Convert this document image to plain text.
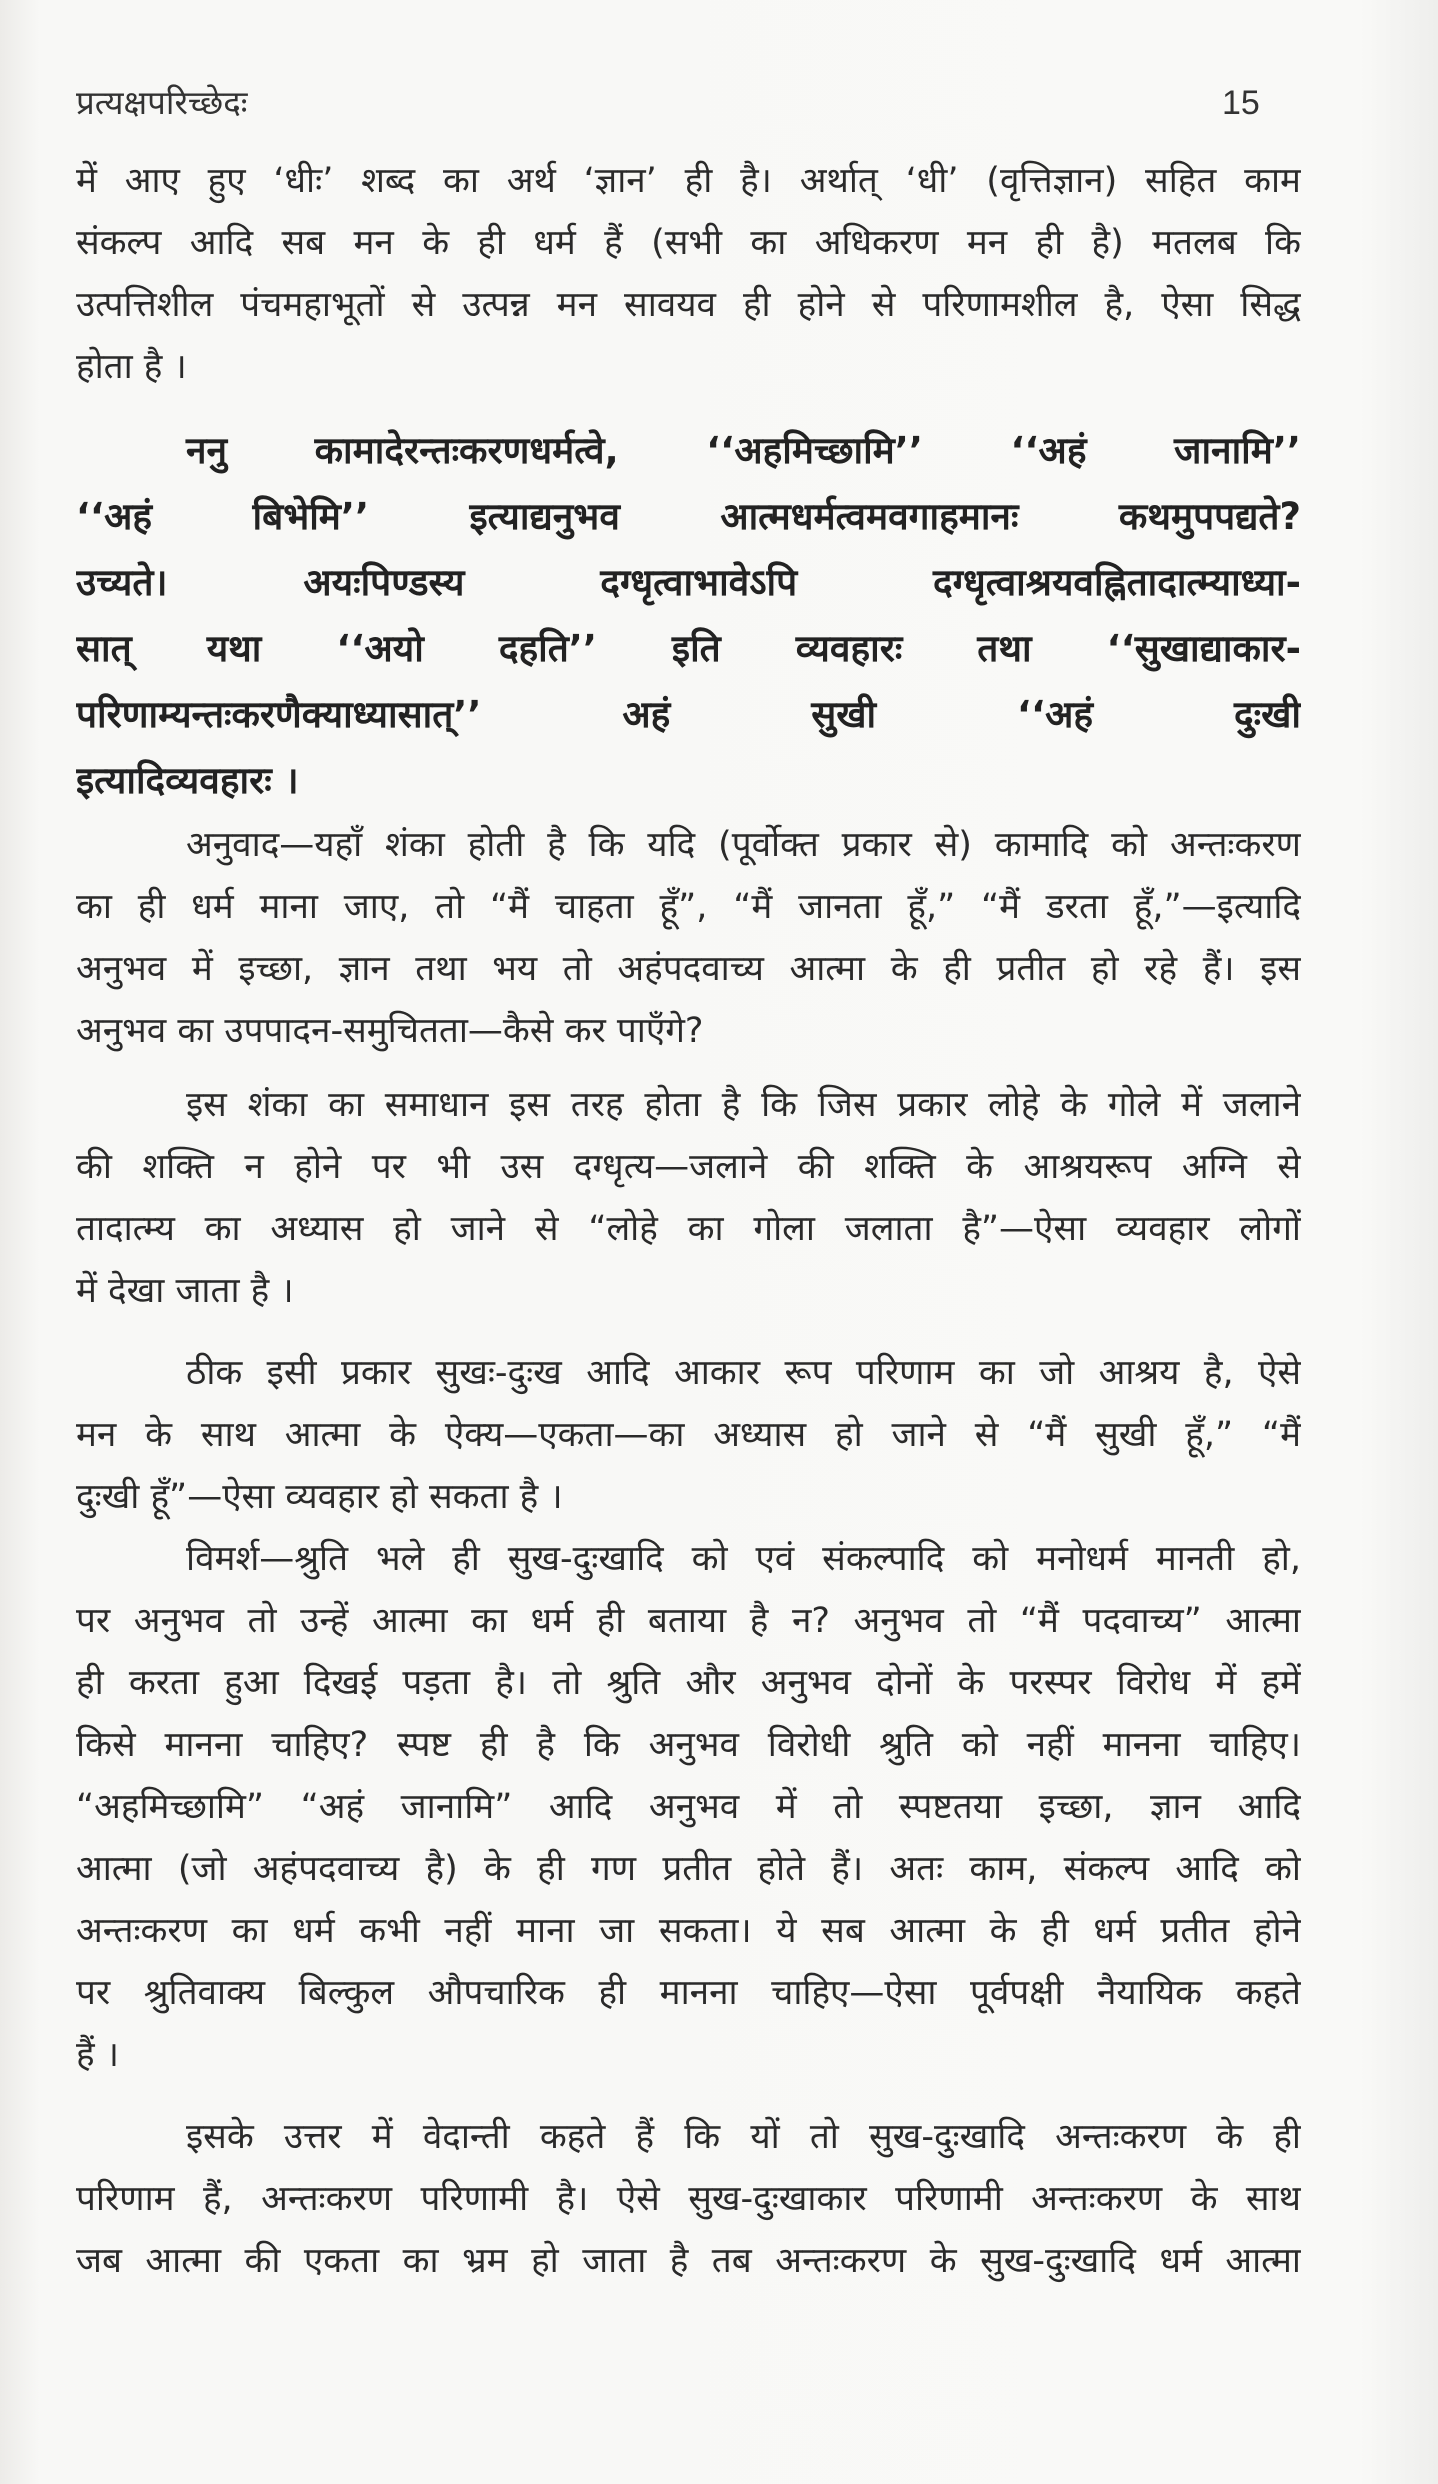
प्रत्यक्षपरिच्छेदः	15
में आए हुए ‘धीः’ शब्द का अर्थ ‘ज्ञान’ ही है। अर्थात् ‘धी’ (वृत्तिज्ञान) सहित काम
संकल्प आदि सब मन के ही धर्म हैं (सभी का अधिकरण मन ही है) मतलब कि
उत्पत्तिशील पंचमहाभूतों से उत्पन्न मन सावयव ही होने से परिणामशील है, ऐसा सिद्ध
होता है ।
ननु कामादेरन्तःकरणधर्मत्वे, ‘‘अहमिच्छामि’’ ‘‘अहं जानामि’’
‘‘अहं बिभेमि’’ इत्याद्यनुभव आत्मधर्मत्वमवगाहमानः कथमुपपद्यते?
उच्यते। अयःपिण्डस्य दग्धृत्वाभावेऽपि दग्धृत्वाश्रयवह्नितादात्म्याध्या-
सात् यथा ‘‘अयो दहति’’ इति व्यवहारः तथा ‘‘सुखाद्याकार-
परिणाम्यन्तःकरणैक्याध्यासात्’’ अहं सुखी ‘‘अहं दुःखी
इत्यादिव्यवहारः ।
अनुवाद—यहाँ शंका होती है कि यदि (पूर्वोक्त प्रकार से) कामादि को अन्तःकरण
का ही धर्म माना जाए, तो “मैं चाहता हूँ”, “मैं जानता हूँ,” “मैं डरता हूँ,”—इत्यादि
अनुभव में इच्छा, ज्ञान तथा भय तो अहंपदवाच्य आत्मा के ही प्रतीत हो रहे हैं। इस
अनुभव का उपपादन-समुचितता—कैसे कर पाएँगे?
इस शंका का समाधान इस तरह होता है कि जिस प्रकार लोहे के गोले में जलाने
की शक्ति न होने पर भी उस दग्धृत्य—जलाने की शक्ति के आश्रयरूप अग्नि से
तादात्म्य का अध्यास हो जाने से “लोहे का गोला जलाता है”—ऐसा व्यवहार लोगों
में देखा जाता है ।
ठीक इसी प्रकार सुखः-दुःख आदि आकार रूप परिणाम का जो आश्रय है, ऐसे
मन के साथ आत्मा के ऐक्य—एकता—का अध्यास हो जाने से “मैं सुखी हूँ,” “मैं
दुःखी हूँ”—ऐसा व्यवहार हो सकता है ।
विमर्श—श्रुति भले ही सुख-दुःखादि को एवं संकल्पादि को मनोधर्म मानती हो,
पर अनुभव तो उन्हें आत्मा का धर्म ही बताया है न? अनुभव तो “मैं पदवाच्य” आत्मा
ही करता हुआ दिखई पड़ता है। तो श्रुति और अनुभव दोनों के परस्पर विरोध में हमें
किसे मानना चाहिए? स्पष्ट ही है कि अनुभव विरोधी श्रुति को नहीं मानना चाहिए।
“अहमिच्छामि” “अहं जानामि” आदि अनुभव में तो स्पष्टतया इच्छा, ज्ञान आदि
आत्मा (जो अहंपदवाच्य है) के ही गण प्रतीत होते हैं। अतः काम, संकल्प आदि को
अन्तःकरण का धर्म कभी नहीं माना जा सकता। ये सब आत्मा के ही धर्म प्रतीत होने
पर श्रुतिवाक्य बिल्कुल औपचारिक ही मानना चाहिए—ऐसा पूर्वपक्षी नैयायिक कहते
हैं ।
इसके उत्तर में वेदान्ती कहते हैं कि यों तो सुख-दुःखादि अन्तःकरण के ही
परिणाम हैं, अन्तःकरण परिणामी है। ऐसे सुख-दुःखाकार परिणामी अन्तःकरण के साथ
जब आत्मा की एकता का भ्रम हो जाता है तब अन्तःकरण के सुख-दुःखादि धर्म आत्मा
